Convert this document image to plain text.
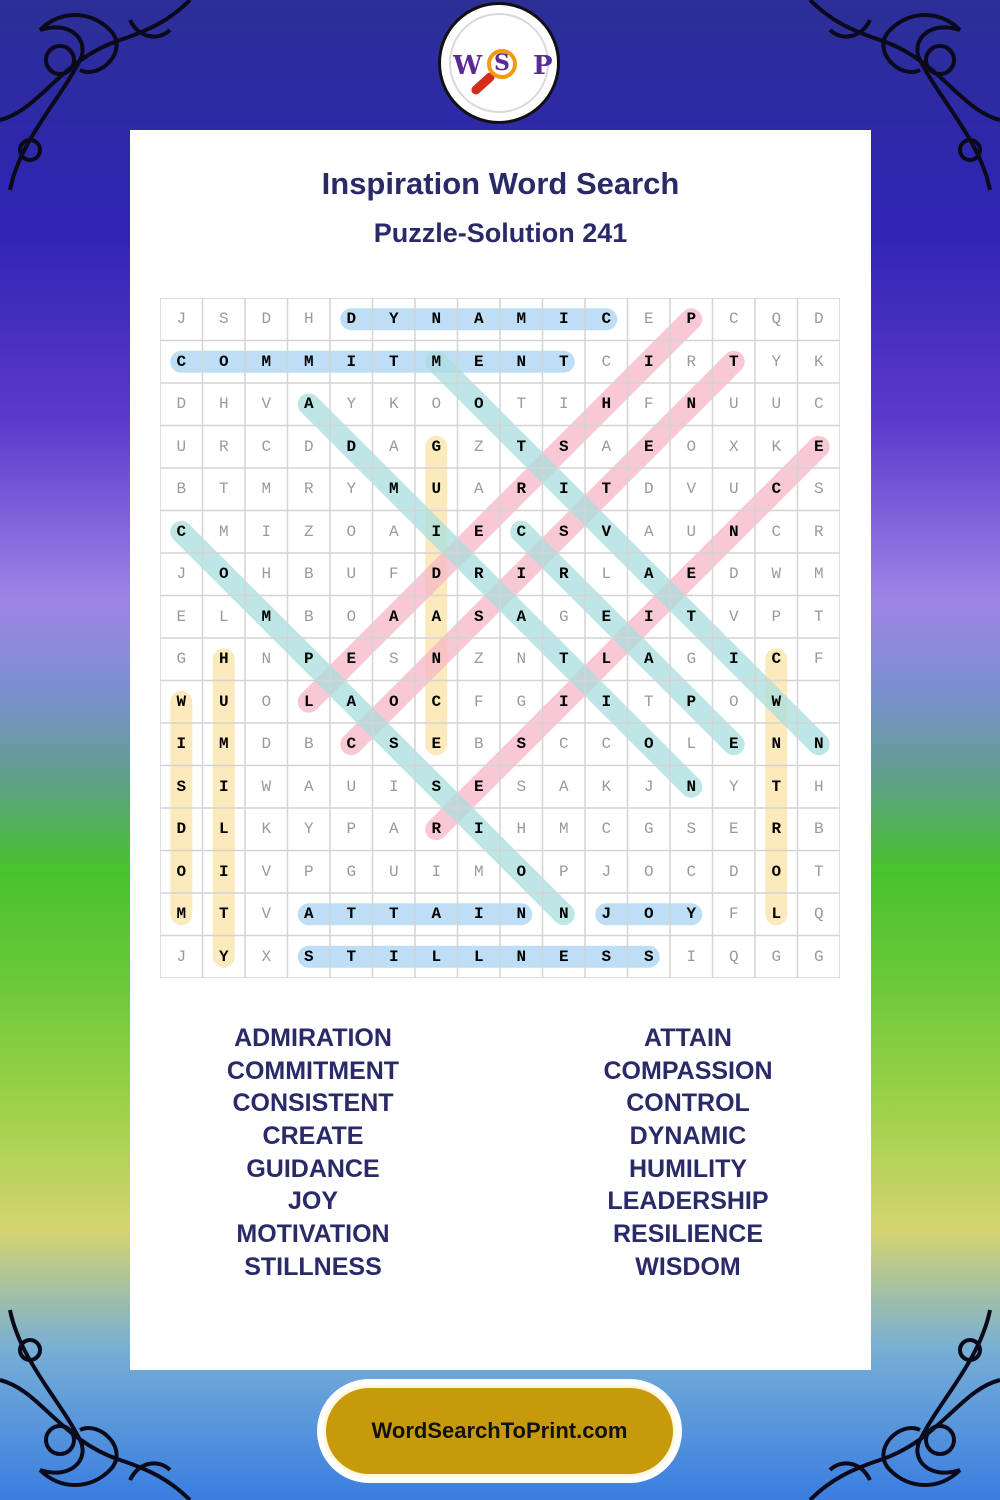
W S P
Inspiration Word Search
Puzzle-Solution 241
J	S	D	H	D	Y	N	A	M	I	C	E	P	C	Q	D
C	O	M	M	I	T	M	E	N	T	C	I	R	T	Y	K
D	H	V	A	Y	K	O	O	T	I	H	F	N	U	U	C
U	R	C	D	D	A	G	Z	T	S	A	E	O	X	K	E
B	T	M	R	Y	M	U	A	R	I	T	D	V	U	C	S
C	M	I	Z	O	A	I	E	C	S	V	A	U	N	C	R
J	O	H	B	U	F	D	R	I	R	L	A	E	D	W	M
E	L	M	B	O	A	A	S	A	G	E	I	T	V	P	T
G	H	N	P	E	S	N	Z	N	T	L	A	G	I	C	F
W	U	O	L	A	O	C	F	G	I	I	T	P	O	W
I	M	D	B	C	S	E	B	S	C	C	O	L	E	N	N
S	I	W	A	U	I	S	E	S	A	K	J	N	Y	T	H
D	L	K	Y	P	A	R	I	H	M	C	G	S	E	R	B
O	I	V	P	G	U	I	M	O	P	J	O	C	D	O	T
M	T	V	A	T	T	A	I	N	N	J	O	Y	F	L	Q
J	Y	X	S	T	I	L	L	N	E	S	S	I	Q	G	G
ADMIRATION
COMMITMENT
CONSISTENT
CREATE
GUIDANCE
JOY
MOTIVATION
STILLNESS
ATTAIN
COMPASSION
CONTROL
DYNAMIC
HUMILITY
LEADERSHIP
RESILIENCE
WISDOM
WordSearchToPrint.com
